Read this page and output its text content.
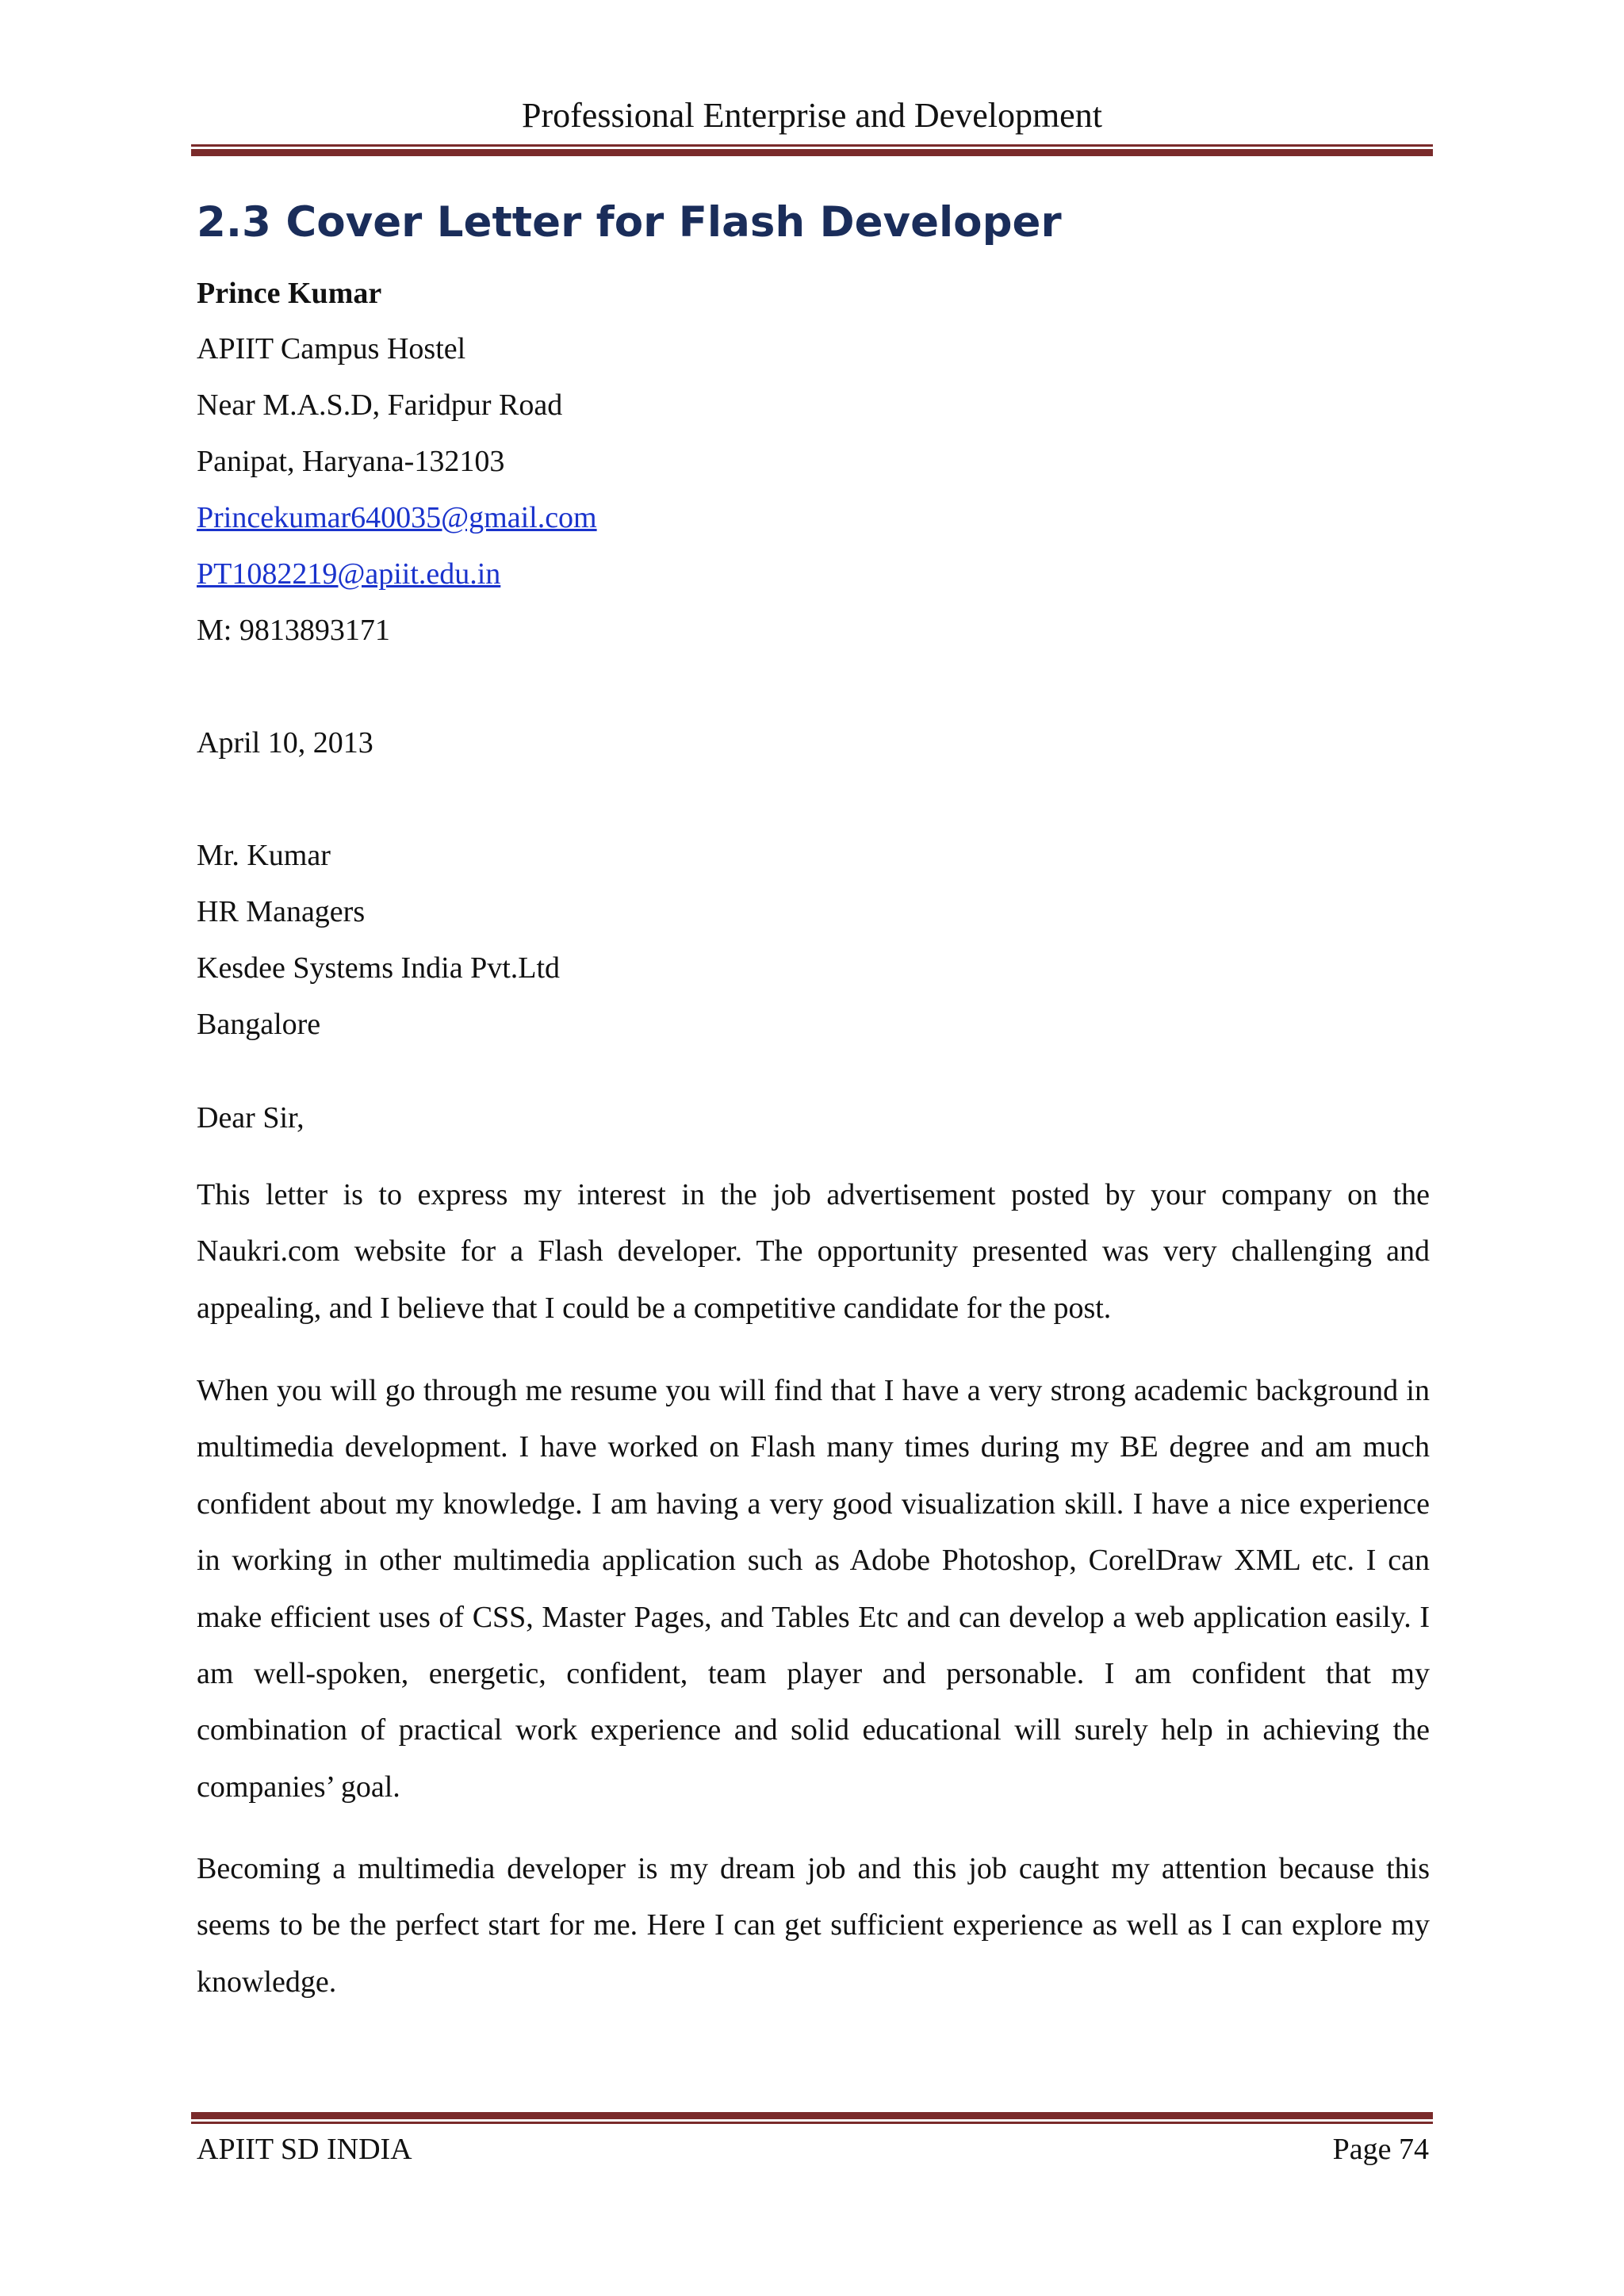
Professional Enterprise and Development
2.3 Cover Letter for Flash Developer
Prince Kumar
APIIT Campus Hostel
Near M.A.S.D, Faridpur Road
Panipat, Haryana-132103
Princekumar640035@gmail.com
PT1082219@apiit.edu.in
M: 9813893171
April 10, 2013
Mr. Kumar
HR Managers
Kesdee Systems India Pvt.Ltd
Bangalore
Dear Sir,
This letter is to express my interest in the job advertisement posted by your company on the Naukri.com website for a Flash developer. The opportunity presented was very challenging and appealing, and I believe that I could be a competitive candidate for the post.
When you will go through me resume you will find that I have a very strong academic background in multimedia development. I have worked on Flash many times during my BE degree and am much confident about my knowledge. I am having a very good visualization skill. I have a nice experience in working in other multimedia application such as Adobe Photoshop, CorelDraw XML etc. I can make efficient uses of CSS, Master Pages, and Tables Etc and can develop a web application easily. I am well-spoken, energetic, confident, team player and personable. I am confident that my combination of practical work experience and solid educational will surely help in achieving the companies’ goal.
Becoming a multimedia developer is my dream job and this job caught my attention because this seems to be the perfect start for me. Here I can get sufficient experience as well as I can explore my knowledge.
APIIT SD INDIA	Page 74
